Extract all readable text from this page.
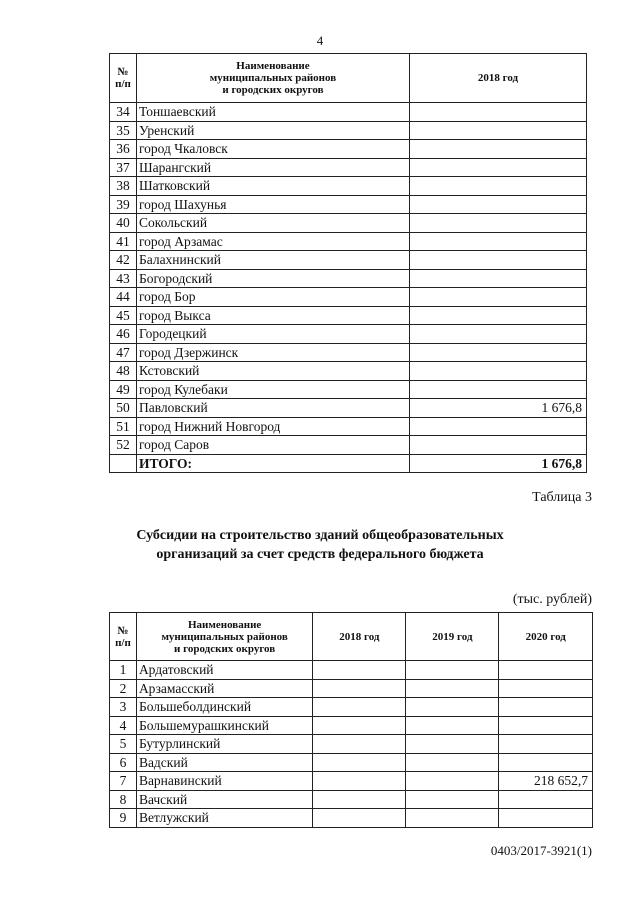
4
№ п/п	Наименование
муниципальных районов
и городских округов	2018 год
34	Тоншаевский	
35	Уренский	
36	город Чкаловск	
37	Шарангский	
38	Шатковский	
39	город Шахунья	
40	Сокольский	
41	город Арзамас	
42	Балахнинский	
43	Богородский	
44	город Бор	
45	город Выкса	
46	Городецкий	
47	город Дзержинск	
48	Кстовский	
49	город Кулебаки	
50	Павловский	1 676,8
51	город Нижний Новгород	
52	город Саров	
	ИТОГО:	1 676,8
Таблица 3
Субсидии на строительство зданий общеобразовательных
организаций за счет средств федерального бюджета
(тыс. рублей)
№ п/п	Наименование
муниципальных районов
и городских округов	2018 год	2019 год	2020 год
1	Ардатовский			
2	Арзамасский			
3	Большеболдинский			
4	Большемурашкинский			
5	Бутурлинский			
6	Вадский			
7	Варнавинский			218 652,7
8	Вачский			
9	Ветлужский			
0403/2017-3921(1)
